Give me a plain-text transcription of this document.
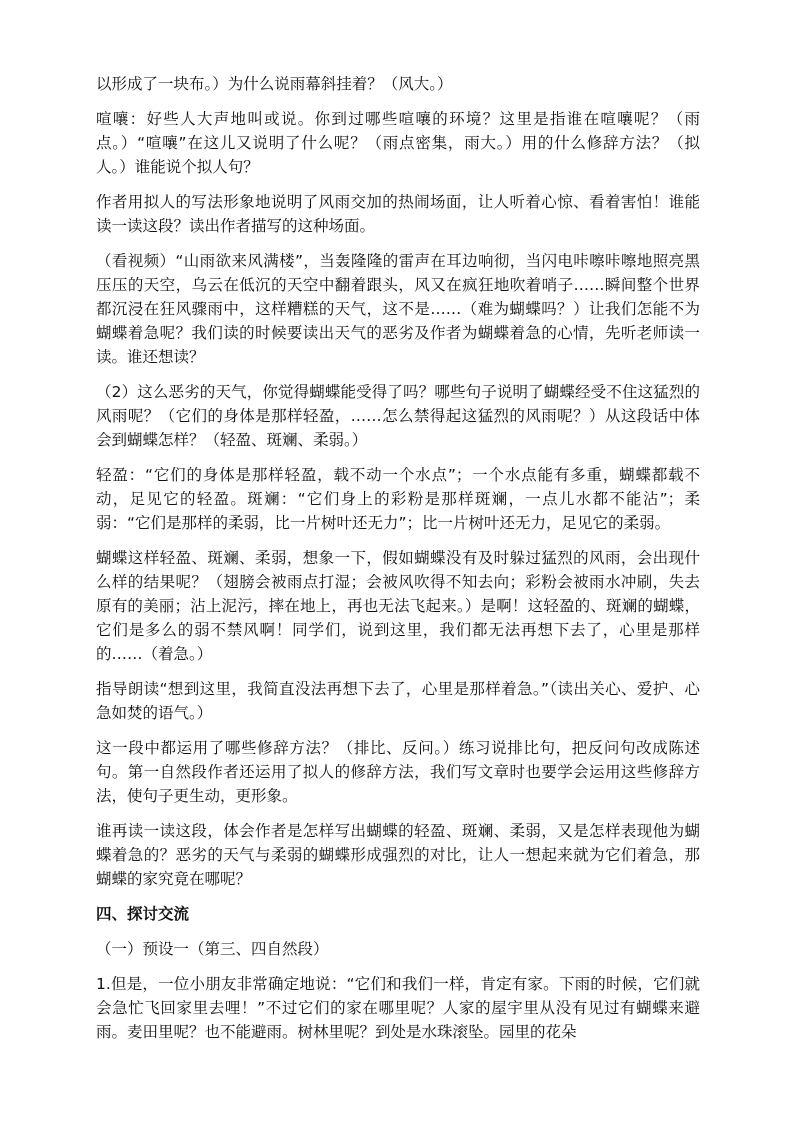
以形成了一块布。）为什么说雨幕斜挂着？（风大。）

喧嚷：好些人大声地叫或说。你到过哪些喧嚷的环境？这里是指谁在喧嚷呢？（雨点。）“喧嚷”在这儿又说明了什么呢？（雨点密集，雨大。）用的什么修辞方法？（拟人。）谁能说个拟人句？

作者用拟人的写法形象地说明了风雨交加的热闹场面，让人听着心惊、看着害怕！谁能读一读这段？读出作者描写的这种场面。

（看视频）“山雨欲来风满楼”，当轰隆隆的雷声在耳边响彻，当闪电咔嚓咔嚓地照亮黑压压的天空，乌云在低沉的天空中翻着跟头，风又在疯狂地吹着哨子……瞬间整个世界都沉浸在狂风骤雨中，这样糟糕的天气，这不是……（难为蝴蝶吗？）让我们怎能不为蝴蝶着急呢？我们读的时候要读出天气的恶劣及作者为蝴蝶着急的心情，先听老师读一读。谁还想读？

（2）这么恶劣的天气，你觉得蝴蝶能受得了吗？哪些句子说明了蝴蝶经受不住这猛烈的风雨呢？（它们的身体是那样轻盈，……怎么禁得起这猛烈的风雨呢？）从这段话中体会到蝴蝶怎样？（轻盈、斑斓、柔弱。）

轻盈：“它们的身体是那样轻盈，载不动一个水点”；一个水点能有多重，蝴蝶都载不动，足见它的轻盈。斑斓：“它们身上的彩粉是那样斑斓，一点儿水都不能沾”；柔弱：“它们是那样的柔弱，比一片树叶还无力”；比一片树叶还无力，足见它的柔弱。

蝴蝶这样轻盈、斑斓、柔弱，想象一下，假如蝴蝶没有及时躲过猛烈的风雨，会出现什么样的结果呢？（翅膀会被雨点打湿；会被风吹得不知去向；彩粉会被雨水冲刷，失去原有的美丽；沾上泥污，摔在地上，再也无法飞起来。）是啊！这轻盈的、斑斓的蝴蝶，它们是多么的弱不禁风啊！同学们，说到这里，我们都无法再想下去了，心里是那样的……（着急。）

指导朗读“想到这里，我简直没法再想下去了，心里是那样着急。”（读出关心、爱护、心急如焚的语气。）

这一段中都运用了哪些修辞方法？（排比、反问。）练习说排比句，把反问句改成陈述句。第一自然段作者还运用了拟人的修辞方法，我们写文章时也要学会运用这些修辞方法，使句子更生动，更形象。

谁再读一读这段，体会作者是怎样写出蝴蝶的轻盈、斑斓、柔弱，又是怎样表现他为蝴蝶着急的？恶劣的天气与柔弱的蝴蝶形成强烈的对比，让人一想起来就为它们着急，那蝴蝶的家究竟在哪呢？

四、探讨交流

（一）预设一（第三、四自然段）

1.但是，一位小朋友非常确定地说：“它们和我们一样，肯定有家。下雨的时候，它们就会急忙飞回家里去哩！”不过它们的家在哪里呢？人家的屋宇里从没有见过有蝴蝶来避雨。麦田里呢？也不能避雨。树林里呢？到处是水珠滚坠。园里的花朵
